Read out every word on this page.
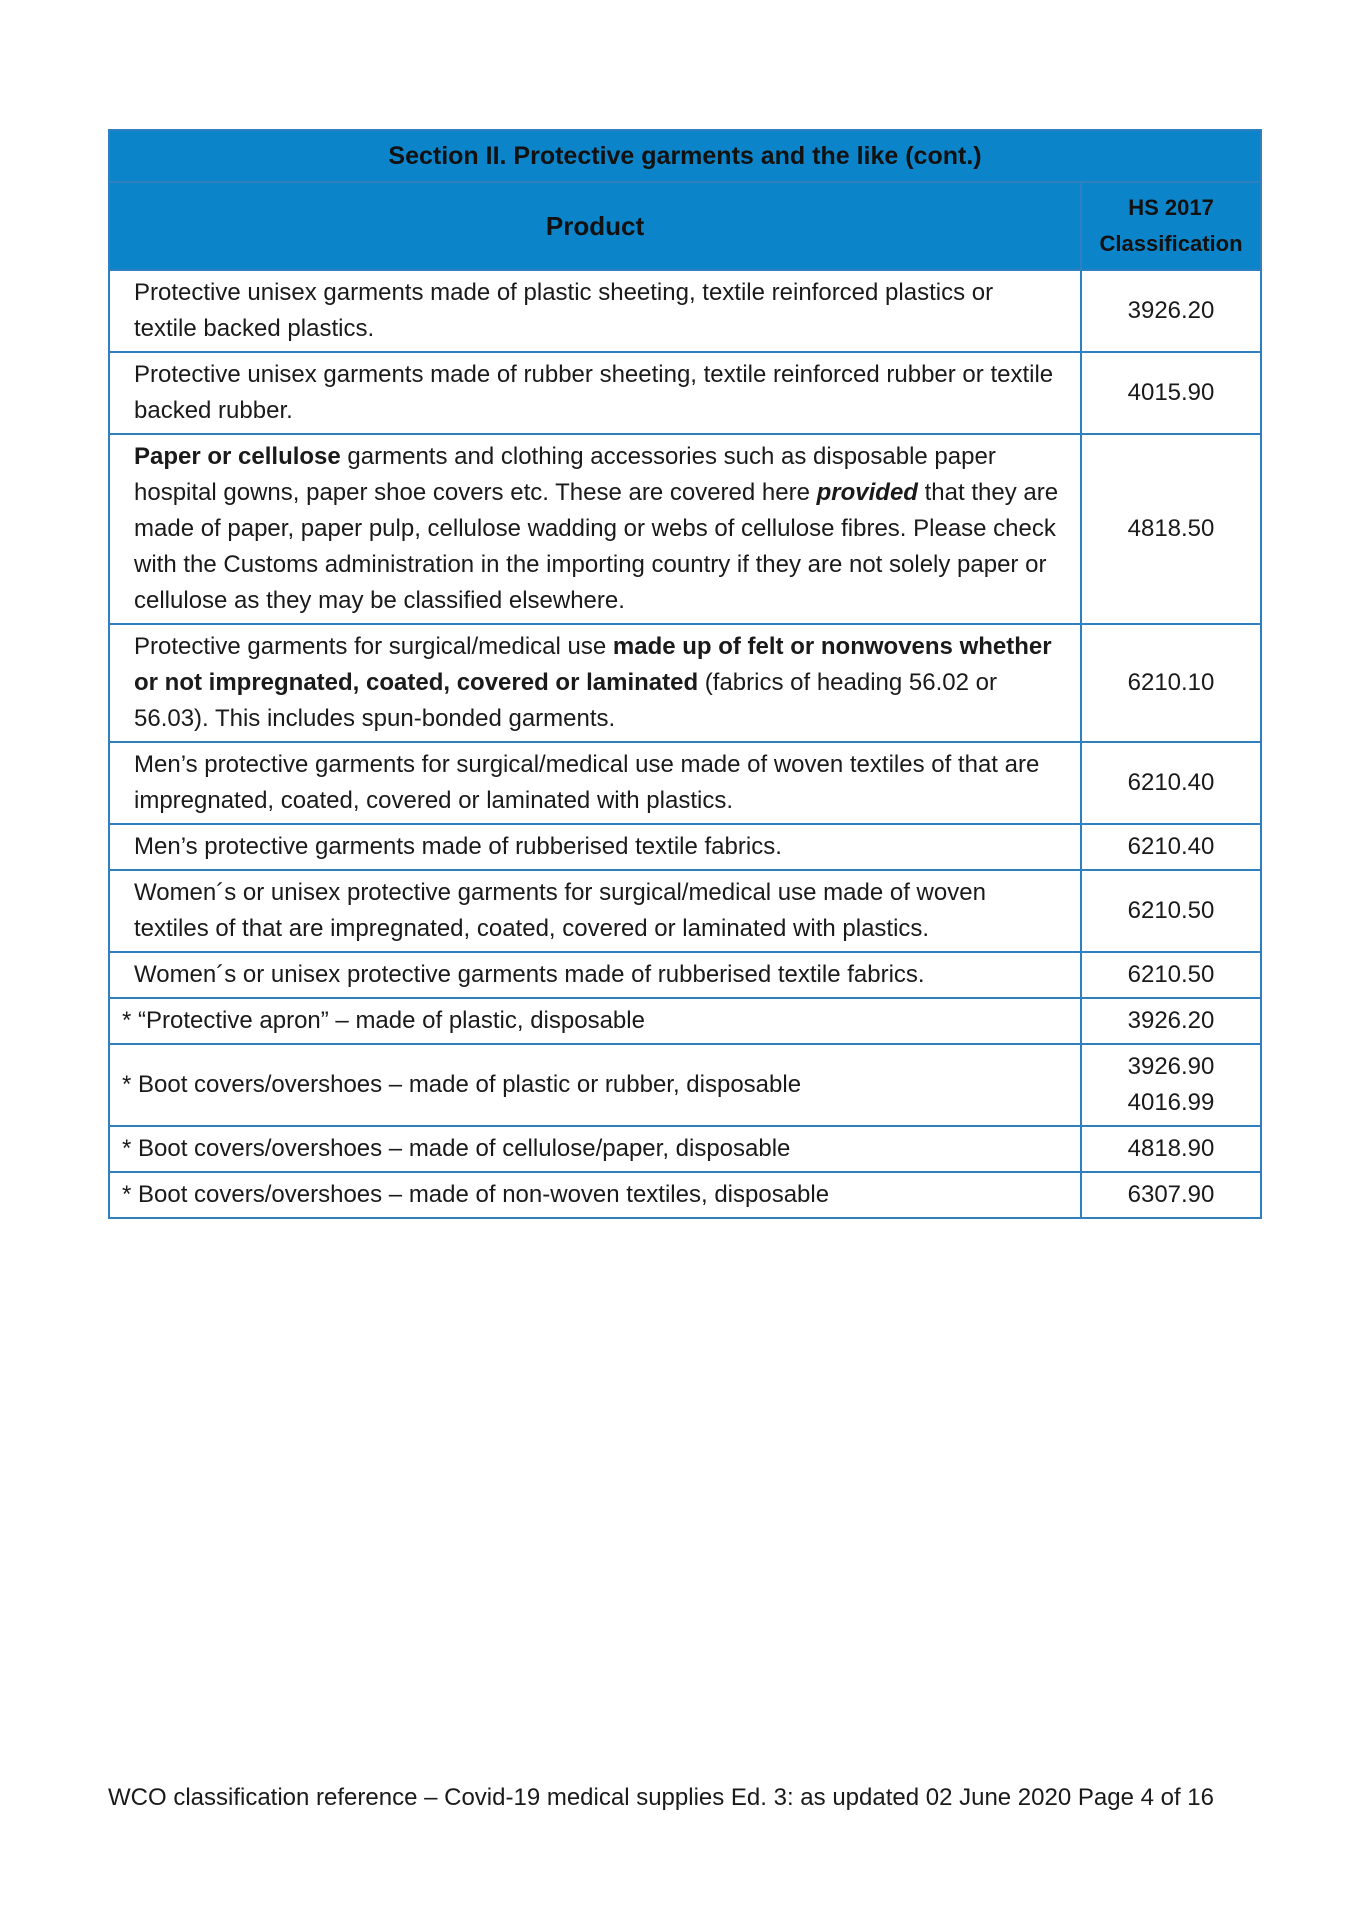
Section II. Protective garments and the like (cont.)	
Product	HS 2017
Classification

Protective unisex garments made of plastic sheeting, textile reinforced plastics or textile backed plastics.	3926.20
Protective unisex garments made of rubber sheeting, textile reinforced rubber or textile backed rubber.	4015.90
Paper or cellulose garments and clothing accessories such as disposable paper hospital gowns, paper shoe covers etc. These are covered here provided that they are made of paper, paper pulp, cellulose wadding or webs of cellulose fibres. Please check with the Customs administration in the importing country if they are not solely paper or cellulose as they may be classified elsewhere.	4818.50
Protective garments for surgical/medical use made up of felt or nonwovens whether or not impregnated, coated, covered or laminated (fabrics of heading 56.02 or 56.03). This includes spun-bonded garments.	6210.10
Men’s protective garments for surgical/medical use made of woven textiles of that are impregnated, coated, covered or laminated with plastics.	6210.40
Men’s protective garments made of rubberised textile fabrics.	6210.40
Women´s or unisex protective garments for surgical/medical use made of woven textiles of that are impregnated, coated, covered or laminated with plastics.	6210.50
Women´s or unisex protective garments made of rubberised textile fabrics.	6210.50
* “Protective apron” – made of plastic, disposable	3926.20
* Boot covers/overshoes – made of plastic or rubber, disposable	3926.90
4016.99

* Boot covers/overshoes – made of cellulose/paper, disposable	4818.90
* Boot covers/overshoes – made of non-woven textiles, disposable	6307.90
WCO classification reference – Covid-19 medical supplies Ed. 3: as updated 02 June 2020 Page 4 of 16
